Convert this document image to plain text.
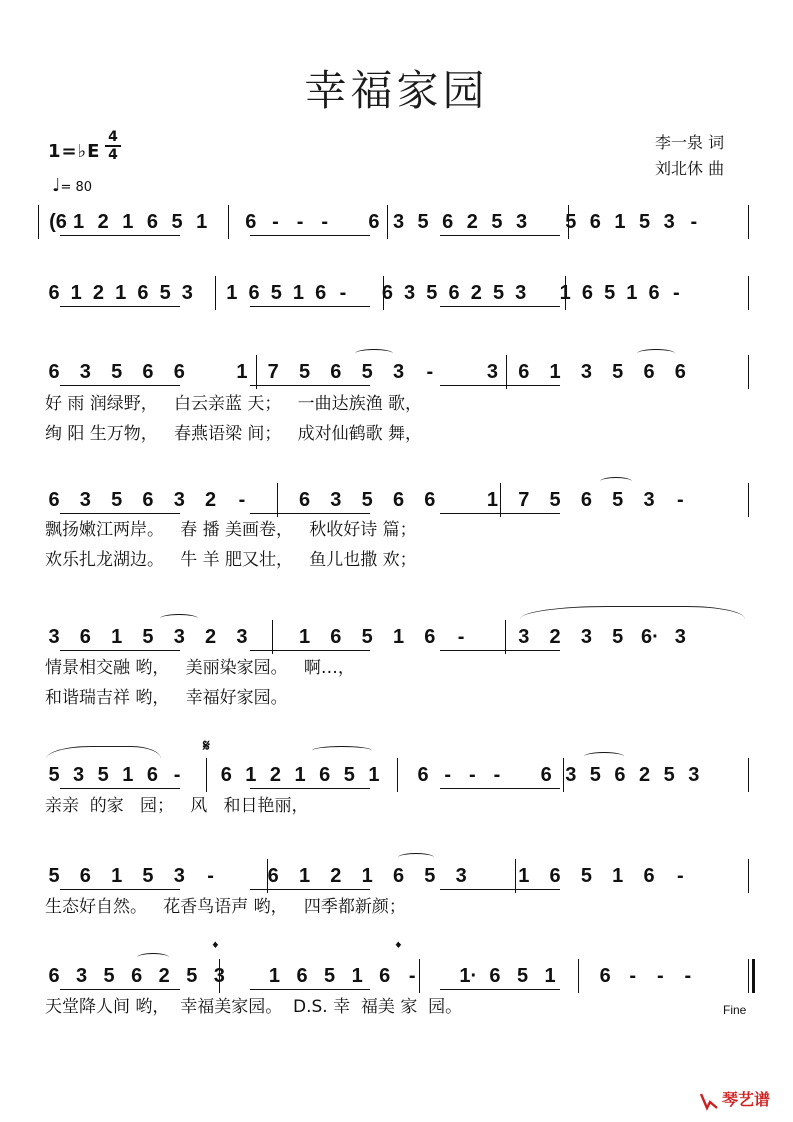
幸福家园
1=♭E
4
4
♩= 80
李一泉 词
刘北休 曲
(6 1 2 1 6 5 1 6 - - - 6 3 5 6 2 5 3 5 6 1 5 3 -
6 1 2 1 6 5 3 1 6 5 1 6 - 6 3 5 6 2 5 3 1 6 5 1 6 -
6 3 5 6 6	1 7 5 6 5 3 -	3 6 1 3 5 6 6
好 雨 润绿野，   白云亲蓝 天；   一曲达族渔 歌，
绚 阳 生万物，   春燕语梁 间；   成对仙鹤歌 舞，
6 3 5 6 3 2 -	6 3 5 6 6	1 7 5 6 5 3 -
飘扬嫩江两岸。   春 播 美画卷，   秋收好诗 篇；
欢乐扎龙湖边。   牛 羊 肥又壮，   鱼儿也撒 欢；
3 6 1 5 3 2 3	1 6 5 1 6 -	3 2 3 5 6· 3
情景相交融 哟，   美丽染家园。   啊…，
和谐瑞吉祥 哟，   幸福好家园。
5 3 5 1 6 - 6 1 2 1 6 5 1 6 - - - 6 3 5 6 2 5 3
亲亲  的家   园；   风   和日艳丽，
5 6 1 5 3 -	6 1 2 1 6 5 3	1 6 5 1 6 -
生态好自然。   花香鸟语声 哟，   四季都新颜；
6 3 5 6 2 5 3 1 6 5 1 6 - 1· 6 5 1 6 - - -
天堂降人间 哟，  幸福美家园。  D.S. 幸  福美 家  园。
𝄋
𝄌	𝄌
Fine
琴艺谱
